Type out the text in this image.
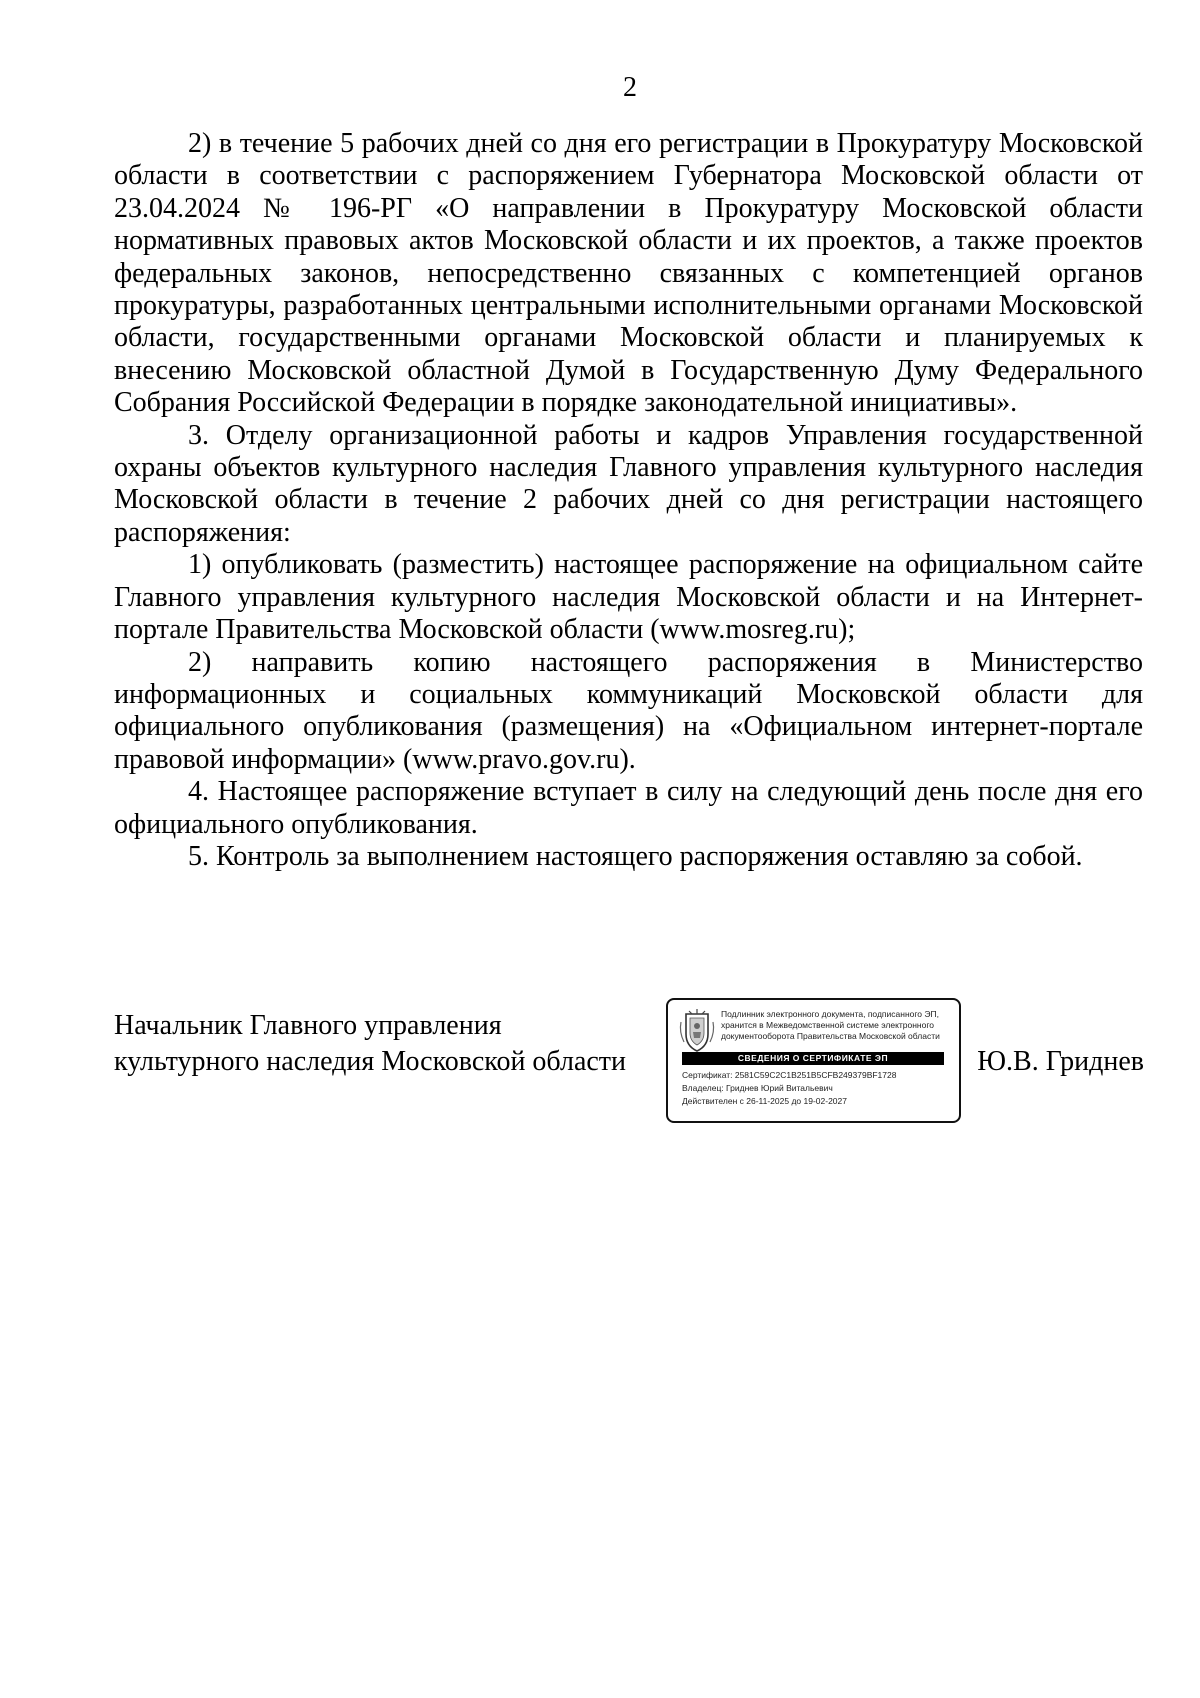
2

2) в течение 5 рабочих дней со дня его регистрации в Прокуратуру Московской области в соответствии с распоряжением Губернатора Московской области от 23.04.2024 № 196-РГ «О направлении в Прокуратуру Московской области нормативных правовых актов Московской области и их проектов, а также проектов федеральных законов, непосредственно связанных с компетенцией органов прокуратуры, разработанных центральными исполнительными органами Московской области, государственными органами Московской области и планируемых к внесению Московской областной Думой в Государственную Думу Федерального Собрания Российской Федерации в порядке законодательной инициативы».

3. Отделу организационной работы и кадров Управления государственной охраны объектов культурного наследия Главного управления культурного наследия Московской области в течение 2 рабочих дней со дня регистрации настоящего распоряжения:

1) опубликовать (разместить) настоящее распоряжение на официальном сайте Главного управления культурного наследия Московской области и на Интернет-портале Правительства Московской области (www.mosreg.ru);

2) направить копию настоящего распоряжения в Министерство информационных и социальных коммуникаций Московской области для официального опубликования (размещения) на «Официальном интернет-портале правовой информации» (www.pravo.gov.ru).

4. Настоящее распоряжение вступает в силу на следующий день после дня его официального опубликования.

5. Контроль за выполнением настоящего распоряжения оставляю за собой.

Начальник Главного управления
культурного наследия Московской области
Подлинник электронного документа, подписанного ЭП,
хранится в Межведомственной системе электронного
документооборота Правительства Московской области
СВЕДЕНИЯ О СЕРТИФИКАТЕ ЭП
Сертификат: 2581C59C2C1B251B5CFB249379BF1728
Владелец: Гриднев Юрий Витальевич
Действителен с 26-11-2025 до 19-02-2027
Ю.В. Гриднев
